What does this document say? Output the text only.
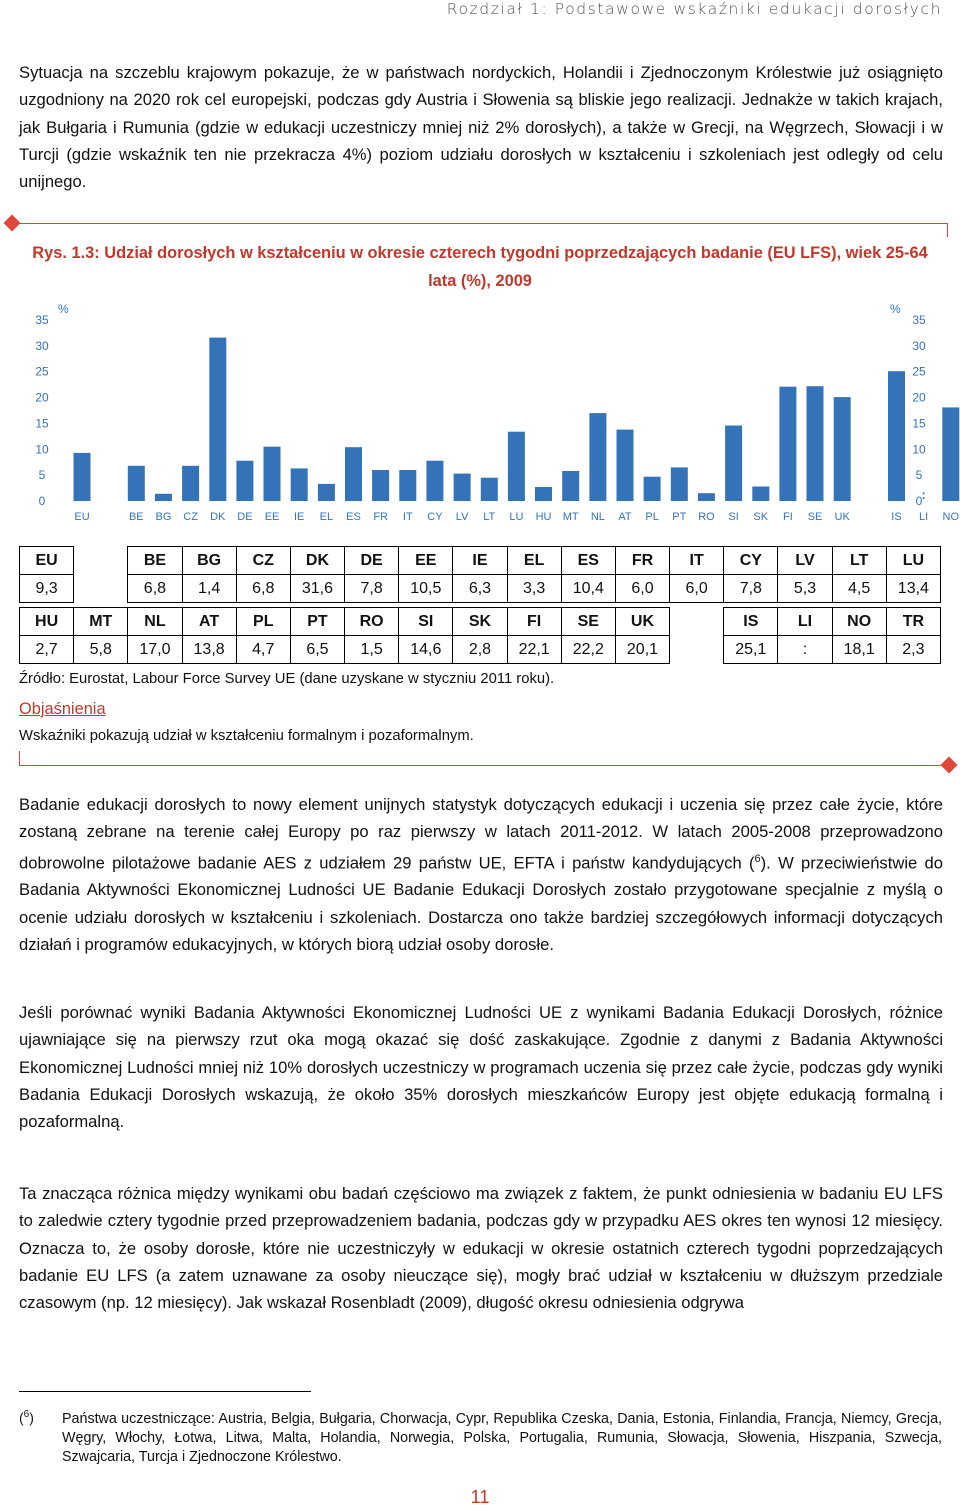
Rozdział 1: Podstawowe wskaźniki edukacji dorosłych

Sytuacja na szczeblu krajowym pokazuje, że w państwach nordyckich, Holandii i Zjednoczonym Królestwie już osiągnięto uzgodniony na 2020 rok cel europejski, podczas gdy Austria i Słowenia są bliskie jego realizacji. Jednakże w takich krajach, jak Bułgaria i Rumunia (gdzie w edukacji uczestniczy mniej niż 2% dorosłych), a także w Grecji, na Węgrzech, Słowacji i w Turcji (gdzie wskaźnik ten nie przekracza 4%) poziom udziału dorosłych w kształceniu i szkoleniach jest odległy od celu unijnego.

Rys. 1.3: Udział dorosłych w kształceniu w okresie czterech tygodni poprzedzających badanie (EU LFS), wiek 25-64 lata (%), 2009
%	%
0
5
10
15
20
25
30
35
0
5
10
15
20
25
30
35
:
EU	BE BG CZ DK DE EE IE EL ES FR IT CY LV LT LU HU MT NL AT PL PT RO SI SK FI SE UK	IS LI NO
EU		BE	BG	CZ	DK	DE	EE	IE	EL	ES	FR	IT	CY	LV	LT	LU
9,3		6,8	1,4	6,8	31,6	7,8	10,5	6,3	3,3	10,4	6,0	6,0	7,8	5,3	4,5	13,4
HU	MT	NL	AT	PL	PT	RO	SI	SK	FI	SE	UK		IS	LI	NO	TR
2,7	5,8	17,0	13,8	4,7	6,5	1,5	14,6	2,8	22,1	22,2	20,1		25,1	:	18,1	2,3
Źródło: Eurostat, Labour Force Survey UE (dane uzyskane w styczniu 2011 roku).
Objaśnienia
Wskaźniki pokazują udział w kształceniu formalnym i pozaformalnym.

Badanie edukacji dorosłych to nowy element unijnych statystyk dotyczących edukacji i uczenia się przez całe życie, które zostaną zebrane na terenie całej Europy po raz pierwszy w latach 2011-2012. W latach 2005-2008 przeprowadzono dobrowolne pilotażowe badanie AES z udziałem 29 państw UE, EFTA i państw kandydujących ($^6$). W przeciwieństwie do Badania Aktywności Ekonomicznej Ludności UE Badanie Edukacji Dorosłych zostało przygotowane specjalnie z myślą o ocenie udziału dorosłych w kształceniu i szkoleniach. Dostarcza ono także bardziej szczegółowych informacji dotyczących działań i programów edukacyjnych, w których biorą udział osoby dorosłe.

Jeśli porównać wyniki Badania Aktywności Ekonomicznej Ludności UE z wynikami Badania Edukacji Dorosłych, różnice ujawniające się na pierwszy rzut oka mogą okazać się dość zaskakujące. Zgodnie z danymi z Badania Aktywności Ekonomicznej Ludności mniej niż 10% dorosłych uczestniczy w programach uczenia się przez całe życie, podczas gdy wyniki Badania Edukacji Dorosłych wskazują, że około 35% dorosłych mieszkańców Europy jest objęte edukacją formalną i pozaformalną.

Ta znacząca różnica między wynikami obu badań częściowo ma związek z faktem, że punkt odniesienia w badaniu EU LFS to zaledwie cztery tygodnie przed przeprowadzeniem badania, podczas gdy w przypadku AES okres ten wynosi 12 miesięcy. Oznacza to, że osoby dorosłe, które nie uczestniczyły w edukacji w okresie ostatnich czterech tygodni poprzedzających badanie EU LFS (a zatem uznawane za osoby nieuczące się), mogły brać udział w kształceniu w dłuższym przedziale czasowym (np. 12 miesięcy). Jak wskazał Rosenbladt (2009), długość okresu odniesienia odgrywa

($^6$) Państwa uczestniczące: Austria, Belgia, Bułgaria, Chorwacja, Cypr, Republika Czeska, Dania, Estonia, Finlandia, Francja, Niemcy, Grecja, Węgry, Włochy, Łotwa, Litwa, Malta, Holandia, Norwegia, Polska, Portugalia, Rumunia, Słowacja, Słowenia, Hiszpania, Szwecja, Szwajcaria, Turcja i Zjednoczone Królestwo.
11
